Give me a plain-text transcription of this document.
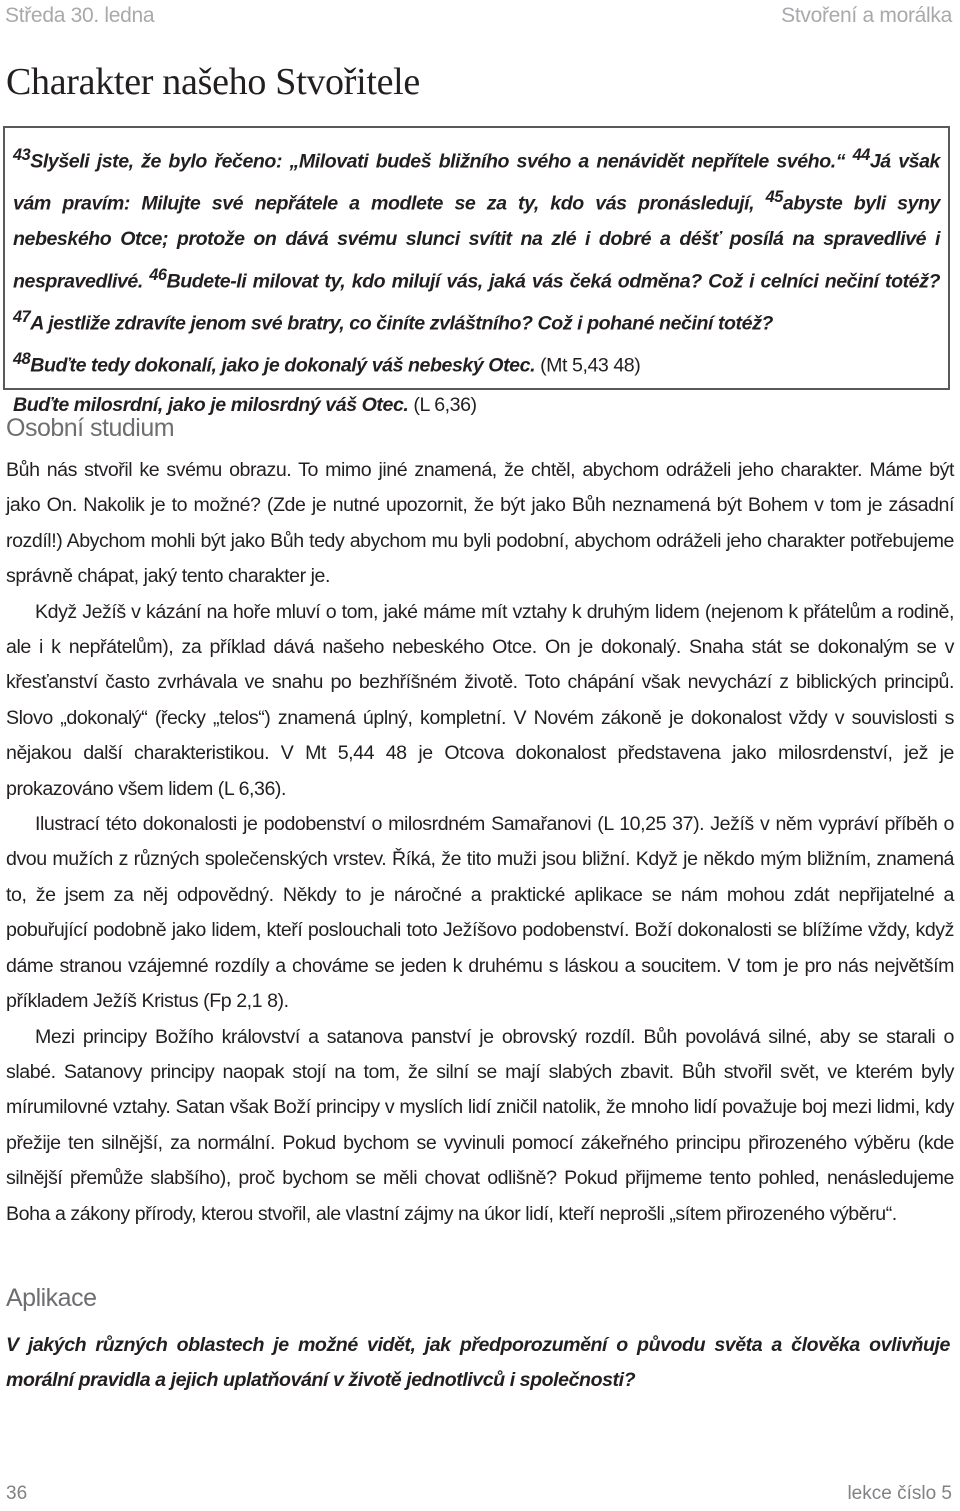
Středa 30. ledna	Stvoření a morálka
Charakter našeho Stvořitele
$^{43}$Slyšeli jste, že bylo řečeno: „Milovati budeš bližního svého a nenávidět nepřítele svého.“ $^{44}$Já však vám pravím: Milujte své nepřátele a modlete se za ty, kdo vás pronásledují, $^{45}$abyste byli syny nebeského Otce; protože on dává svému slunci svítit na zlé i dobré a déšť posílá na spravedlivé i nespravedlivé. $^{46}$Budete-li milovat ty, kdo milují vás, jaká vás čeká odměna? Což i celníci nečiní totéž? $^{47}$A jestliže zdravíte jenom své bratry, co činíte zvláštního? Což i pohané nečiní totéž?
$^{48}$Buďte tedy dokonalí, jako je dokonalý váš nebeský Otec. (Mt 5,43 48)
Buďte milosrdní, jako je milosrdný váš Otec. (L 6,36)
Osobní studium

Bůh nás stvořil ke svému obrazu. To mimo jiné znamená, že chtěl, abychom odráželi jeho charakter. Máme být jako On. Nakolik je to možné? (Zde je nutné upozornit, že být jako Bůh neznamená být Bohem v tom je zásadní rozdíl!) Abychom mohli být jako Bůh tedy abychom mu byli podobní, abychom odráželi jeho charakter potřebujeme správně chápat, jaký tento charakter je.

Když Ježíš v kázání na hoře mluví o tom, jaké máme mít vztahy k druhým lidem (nejenom k přátelům a rodině, ale i k nepřátelům), za příklad dává našeho nebeského Otce. On je dokonalý. Snaha stát se dokonalým se v křesťanství často zvrhávala ve snahu po bezhříšném životě. Toto chápání však nevychází z biblických principů. Slovo „dokonalý“ (řecky „telos“) znamená úplný, kompletní. V Novém zákoně je dokonalost vždy v souvislosti s nějakou další charakteristikou. V Mt 5,44 48 je Otcova dokonalost představena jako milosrdenství, jež je prokazováno všem lidem (L 6,36).

Ilustrací této dokonalosti je podobenství o milosrdném Samařanovi (L 10,25 37). Ježíš v něm vypráví příběh o dvou mužích z různých společenských vrstev. Říká, že tito muži jsou bližní. Když je někdo mým bližním, znamená to, že jsem za něj odpovědný. Někdy to je náročné a praktické aplikace se nám mohou zdát nepřijatelné a pobuřující podobně jako lidem, kteří poslouchali toto Ježíšovo podobenství. Boží dokonalosti se blížíme vždy, když dáme stranou vzájemné rozdíly a chováme se jeden k druhému s láskou a soucitem. V tom je pro nás největším příkladem Ježíš Kristus (Fp 2,1 8).

Mezi principy Božího království a satanova panství je obrovský rozdíl. Bůh povolává silné, aby se starali o slabé. Satanovy principy naopak stojí na tom, že silní se mají slabých zbavit. Bůh stvořil svět, ve kterém byly mírumilovné vztahy. Satan však Boží principy v myslích lidí zničil natolik, že mnoho lidí považuje boj mezi lidmi, kdy přežije ten silnější, za normální. Pokud bychom se vyvinuli pomocí zákeřného principu přirozeného výběru (kde silnější přemůže slabšího), proč bychom se měli chovat odlišně? Pokud přijmeme tento pohled, nenásledujeme Boha a zákony přírody, kterou stvořil, ale vlastní zájmy na úkor lidí, kteří neprošli „sítem přirozeného výběru“.

Aplikace
V jakých různých oblastech je možné vidět, jak předporozumění o původu světa a člověka ovlivňuje morální pravidla a jejich uplatňování v životě jednotlivců i společnosti?
36	lekce číslo 5
